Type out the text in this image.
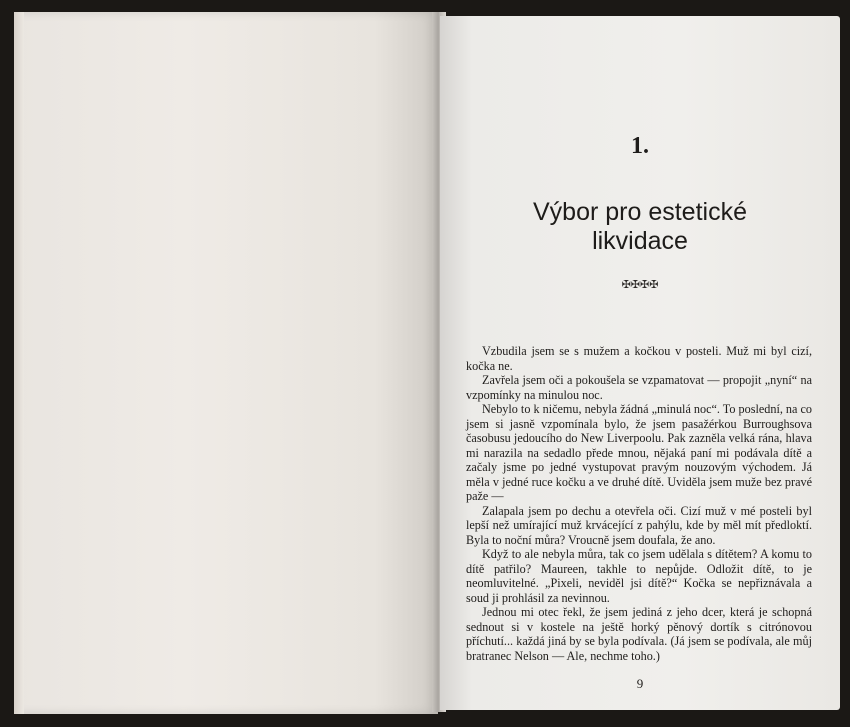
1.
Výbor pro estetické
likvidace
✠✠✠✠

Vzbudila jsem se s mužem a kočkou v posteli. Muž mi byl cizí, kočka ne.

Zavřela jsem oči a pokoušela se vzpamatovat — propojit „nyní“ na vzpomínky na minulou noc.

Nebylo to k ničemu, nebyla žádná „minulá noc“. To poslední, na co jsem si jasně vzpomínala bylo, že jsem pasažérkou Burroughsova časobusu jedoucího do New Liverpoolu. Pak zazněla velká rána, hlava mi narazila na sedadlo přede mnou, nějaká paní mi podávala dítě a začaly jsme po jedné vystupovat pravým nouzovým východem. Já měla v jedné ruce kočku a ve druhé dítě. Uviděla jsem muže bez pravé paže —

Zalapala jsem po dechu a otevřela oči. Cizí muž v mé posteli byl lepší než umírající muž krvácející z pahýlu, kde by měl mít předloktí. Byla to noční můra? Vroucně jsem doufala, že ano.

Když to ale nebyla můra, tak co jsem udělala s dítětem? A komu to dítě patřilo? Maureen, takhle to nepůjde. Odložit dítě, to je neomluvitelné. „Pixeli, neviděl jsi dítě?“ Kočka se nepřiznávala a soud ji prohlásil za nevinnou.

Jednou mi otec řekl, že jsem jediná z jeho dcer, která je schopná sednout si v kostele na ještě horký pěnový dortík s citrónovou příchutí... každá jiná by se byla podívala. (Já jsem se podívala, ale můj bratranec Nelson — Ale, nechme toho.)

9
